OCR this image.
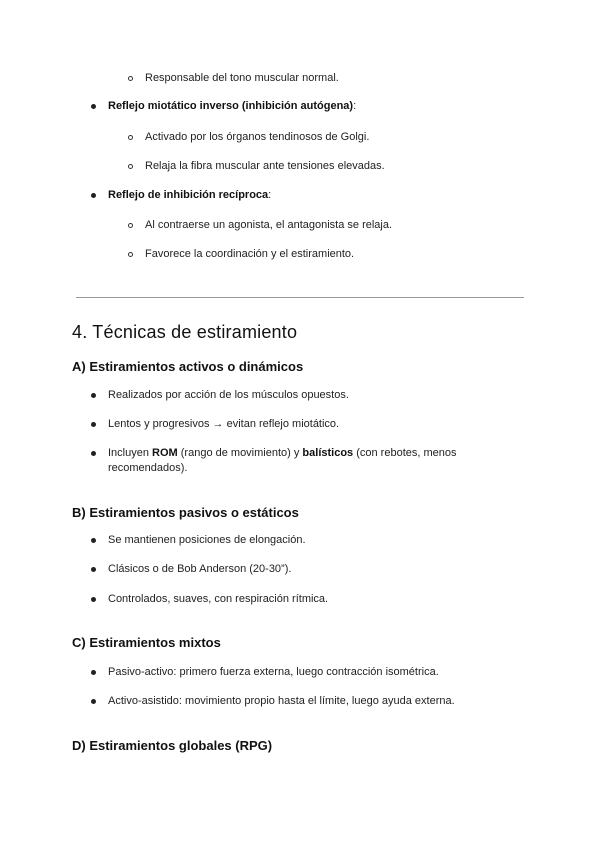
Responsable del tono muscular normal.
Reflejo miotático inverso (inhibición autógena):
Activado por los órganos tendinosos de Golgi.
Relaja la fibra muscular ante tensiones elevadas.
Reflejo de inhibición recíproca:
Al contraerse un agonista, el antagonista se relaja.
Favorece la coordinación y el estiramiento.
4. Técnicas de estiramiento
A) Estiramientos activos o dinámicos
Realizados por acción de los músculos opuestos.
Lentos y progresivos → evitan reflejo miotático.
Incluyen ROM (rango de movimiento) y balísticos (con rebotes, menos
recomendados).
B) Estiramientos pasivos o estáticos
Se mantienen posiciones de elongación.
Clásicos o de Bob Anderson (20-30”).
Controlados, suaves, con respiración rítmica.
C) Estiramientos mixtos
Pasivo-activo: primero fuerza externa, luego contracción isométrica.
Activo-asistido: movimiento propio hasta el límite, luego ayuda externa.
D) Estiramientos globales (RPG)
